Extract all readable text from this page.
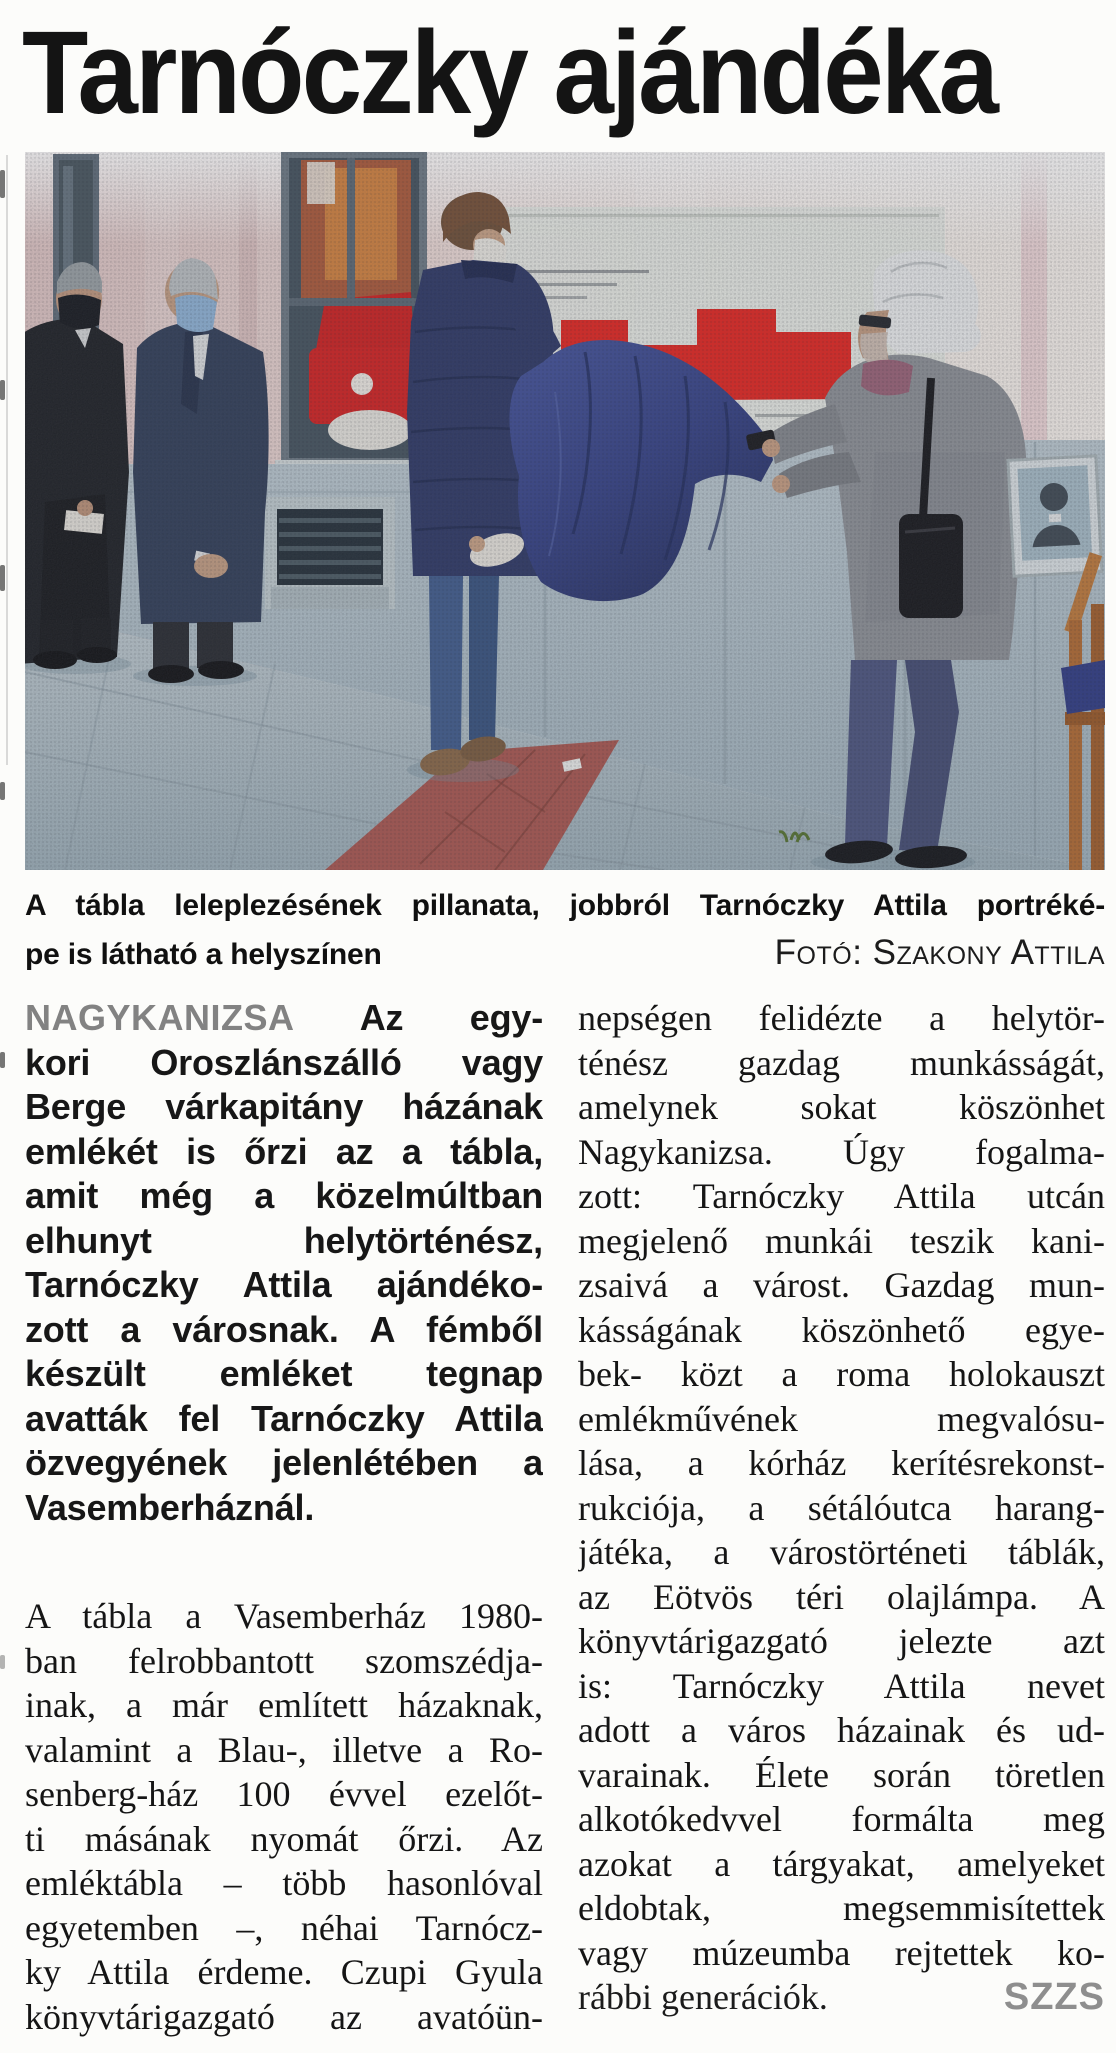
Tarnóczky ajándéka
A tábla leleplezésének pillanata, jobbról Tarnóczky Attila portréké-
pe is látható a helyszínen	Fotó: Szakony Attila
NAGYKANIZSA Az egy-
kori Oroszlánszálló vagy
Berge várkapitány házának
emlékét is őrzi az a tábla,
amit még a közelmúltban
elhunyt helytörténész,
Tarnóczky Attila ajándéko-
zott a városnak. A fémből
készült emléket tegnap
avatták fel Tarnóczky Attila
özvegyének jelenlétében a
Vasemberháznál.
A tábla a Vasemberház 1980-
ban felrobbantott szomszédja-
inak, a már említett házaknak,
valamint a Blau-, illetve a Ro-
senberg-ház 100 évvel ezelőt-
ti másának nyomát őrzi. Az
emléktábla – több hasonlóval
egyetemben –, néhai Tarnócz-
ky Attila érdeme. Czupi Gyula
könyvtárigazgató az avatóün-
nepségen felidézte a helytör-
ténész gazdag munkásságát,
amelynek sokat köszönhet
Nagykanizsa. Úgy fogalma-
zott: Tarnóczky Attila utcán
megjelenő munkái teszik kani-
zsaivá a várost. Gazdag mun-
kásságának köszönhető egye-
bek- közt a roma holokauszt
emlékművének megvalósu-
lása, a kórház kerítésrekonst-
rukciója, a sétálóutca harang-
játéka, a várostörténeti táblák,
az Eötvös téri olajlámpa. A
könyvtárigazgató jelezte azt
is: Tarnóczky Attila nevet
adott a város házainak és ud-
varainak. Élete során töretlen
alkotókedvvel formálta meg
azokat a tárgyakat, amelyeket
eldobtak, megsemmisítettek
vagy múzeumba rejtettek ko-
rábbi generációk.	SZZS
